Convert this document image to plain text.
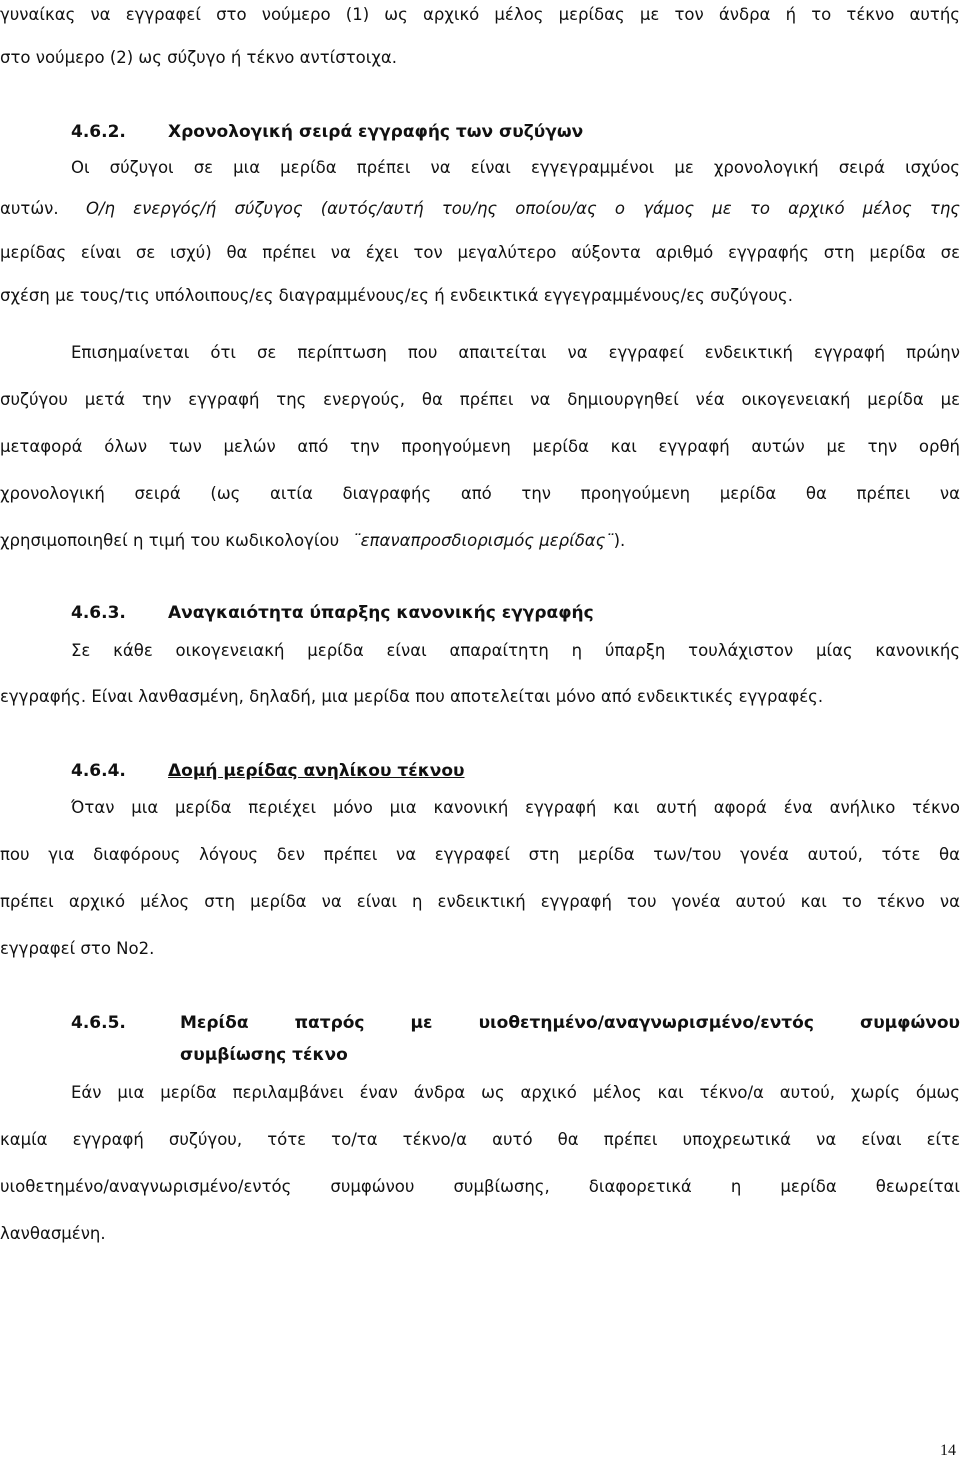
γυναίκας να εγγραφεί στο νούμερο (1) ως αρχικό μέλος μερίδας με τον άνδρα ή το τέκνο αυτής
στο νούμερο (2) ως σύζυγο ή τέκνο αντίστοιχα.
4.6.2. Χρονολογική σειρά εγγραφής των συζύγων
Οι σύζυγοι σε μια μερίδα πρέπει να είναι εγγεγραμμένοι με χρονολογική σειρά ισχύος
αυτών. Ο/η ενεργός/ή σύζυγος (αυτός/αυτή του/ης οποίου/ας ο γάμος με το αρχικό μέλος της
μερίδας είναι σε ισχύ) θα πρέπει να έχει τον μεγαλύτερο αύξοντα αριθμό εγγραφής στη μερίδα σε
σχέση με τους/τις υπόλοιπους/ες διαγραμμένους/ες ή ενδεικτικά εγγεγραμμένους/ες συζύγους.
Επισημαίνεται ότι σε περίπτωση που απαιτείται να εγγραφεί ενδεικτική εγγραφή πρώην
συζύγου μετά την εγγραφή της ενεργούς, θα πρέπει να δημιουργηθεί νέα οικογενειακή μερίδα με
μεταφορά όλων των μελών από την προηγούμενη μερίδα και εγγραφή αυτών με την ορθή
χρονολογική σειρά (ως αιτία διαγραφής από την προηγούμενη μερίδα θα πρέπει να
χρησιμοποιηθεί η τιμή του κωδικολογίου ¨επαναπροσδιορισμός μερίδας¨).
4.6.3. Αναγκαιότητα ύπαρξης κανονικής εγγραφής
Σε κάθε οικογενειακή μερίδα είναι απαραίτητη η ύπαρξη τουλάχιστον μίας κανονικής
εγγραφής. Είναι λανθασμένη, δηλαδή, μια μερίδα που αποτελείται μόνο από ενδεικτικές εγγραφές.
4.6.4. Δομή μερίδας ανηλίκου τέκνου
Όταν μια μερίδα περιέχει μόνο μια κανονική εγγραφή και αυτή αφορά ένα ανήλικο τέκνο
που για διαφόρους λόγους δεν πρέπει να εγγραφεί στη μερίδα των/του γονέα αυτού, τότε θα
πρέπει αρχικό μέλος στη μερίδα να είναι η ενδεικτική εγγραφή του γονέα αυτού και το τέκνο να
εγγραφεί στο Νο2.
4.6.5.	Μερίδα πατρός με υιοθετημένο/αναγνωρισμένο/εντός συμφώνου
συμβίωσης τέκνο
Εάν μια μερίδα περιλαμβάνει έναν άνδρα ως αρχικό μέλος και τέκνο/α αυτού, χωρίς όμως
καμία εγγραφή συζύγου, τότε το/τα τέκνο/α αυτό θα πρέπει υποχρεωτικά να είναι είτε
υιοθετημένο/αναγνωρισμένο/εντός συμφώνου συμβίωσης, διαφορετικά η μερίδα θεωρείται
λανθασμένη.
14
